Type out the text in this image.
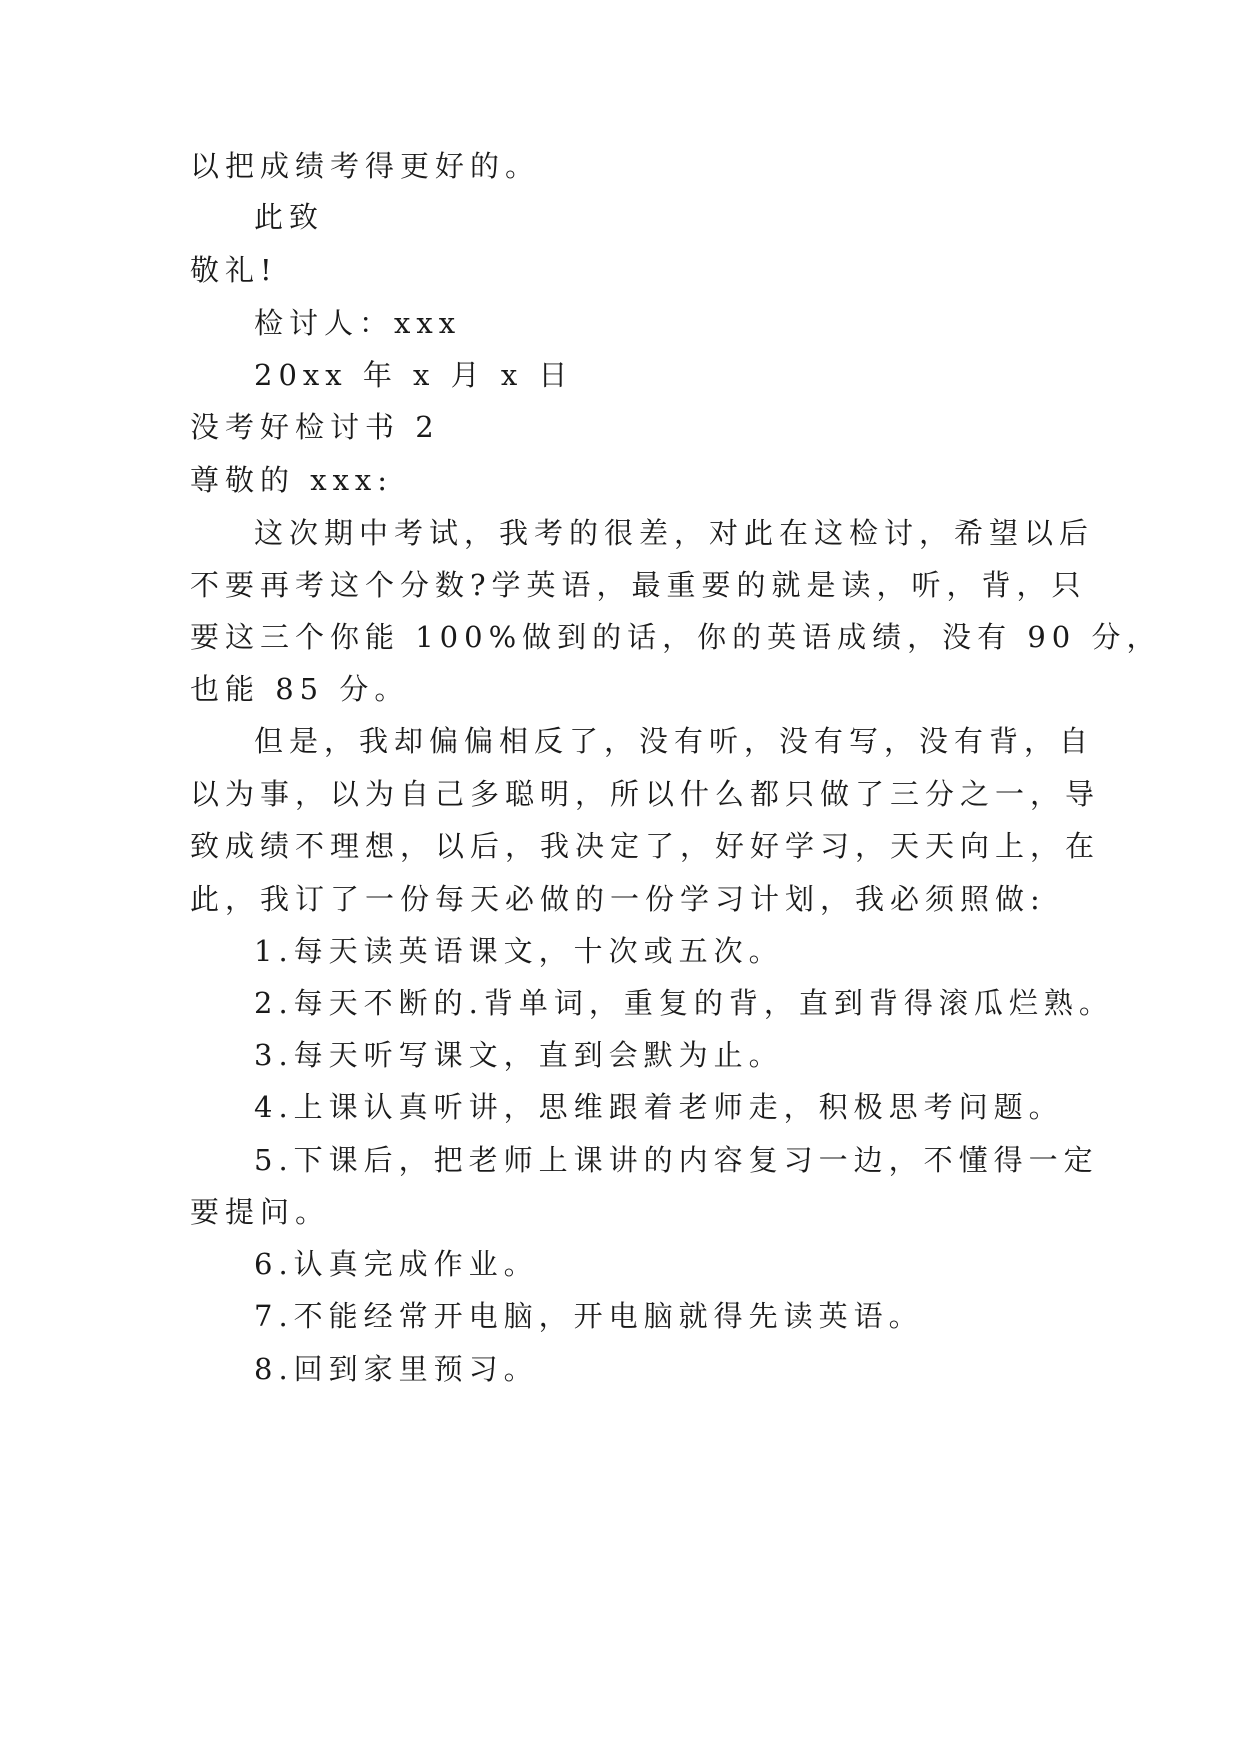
以把成绩考得更好的。
此致
敬礼!
检讨人：xxx
20xx 年 x 月 x 日
没考好检讨书 2
尊敬的 xxx:
这次期中考试，我考的很差，对此在这检讨，希望以后
不要再考这个分数?学英语，最重要的就是读，听，背，只
要这三个你能 100%做到的话，你的英语成绩，没有 90 分，
也能 85 分。
但是，我却偏偏相反了，没有听，没有写，没有背，自
以为事，以为自己多聪明，所以什么都只做了三分之一，导
致成绩不理想，以后，我决定了，好好学习，天天向上，在
此，我订了一份每天必做的一份学习计划，我必须照做:
1.每天读英语课文，十次或五次。
2.每天不断的.背单词，重复的背，直到背得滚瓜烂熟。
3.每天听写课文，直到会默为止。
4.上课认真听讲，思维跟着老师走，积极思考问题。
5.下课后，把老师上课讲的内容复习一边，不懂得一定
要提问。
6.认真完成作业。
7.不能经常开电脑，开电脑就得先读英语。
8.回到家里预习。
